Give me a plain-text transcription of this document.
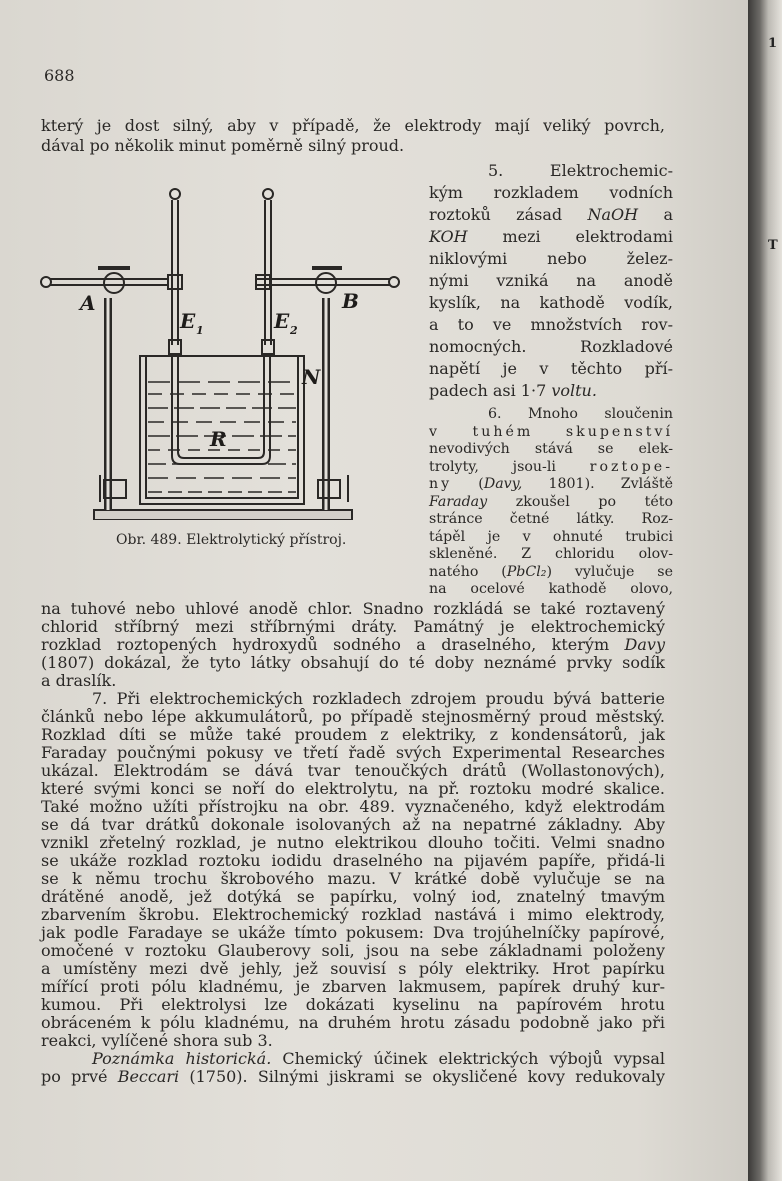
1
T
688
který je dost silný, aby v případě, že elektrody mají veliký povrch,
dával po několik minut poměrně silný proud.
5. Elektrochemic-
kým rozkladem vodních
roztoků zásad NaOH a
KOH mezi elektrodami
niklovými nebo želez-
nými vzniká na anodě
kyslík, na kathodě vodík,
a to ve množstvích rov-
nomocných. Rozkladové
napětí je v těchto pří-
padech asi 1·7 voltu.
6. Mnoho sloučenin
v tuhém skupenství
nevodivých stává se elek-
trolyty, jsou-li roztope-
ny (Davy, 1801). Zvláště
Faraday zkoušel po této
stránce četné látky. Roz-
tápěl je v ohnuté trubici
skleněné. Z chloridu olov-
natého (PbCl₂) vylučuje se
na ocelové kathodě olovo,
A	B
E 1	E 2
N
R
Obr. 489. Elektrolytický přístroj.
na tuhové nebo uhlové anodě chlor. Snadno rozkládá se také roztavený
chlorid stříbrný mezi stříbrnými dráty. Památný je elektrochemický
rozklad roztopených hydroxydů sodného a draselného, kterým Davy
(1807) dokázal, že tyto látky obsahují do té doby neznámé prvky sodík
a draslík.
7. Při elektrochemických rozkladech zdrojem proudu bývá batterie
článků nebo lépe akkumulátorů, po případě stejnosměrný proud městský.
Rozklad díti se může také proudem z elektriky, z kondensátorů, jak
Faraday poučnými pokusy ve třetí řadě svých Experimental Researches
ukázal. Elektrodám se dává tvar tenoučkých drátů (Wollastonových),
které svými konci se noří do elektrolytu, na př. roztoku modré skalice.
Také možno užíti přístrojku na obr. 489. vyznačeného, když elektrodám
se dá tvar drátků dokonale isolovaných až na nepatrné základny. Aby
vznikl zřetelný rozklad, je nutno elektrikou dlouho točiti. Velmi snadno
se ukáže rozklad roztoku iodidu draselného na pijavém papíře, přidá-li
se k němu trochu škrobového mazu. V krátké době vylučuje se na
drátěné anodě, jež dotýká se papírku, volný iod, znatelný tmavým
zbarvením škrobu. Elektrochemický rozklad nastává i mimo elektrody,
jak podle Faradaye se ukáže tímto pokusem: Dva trojúhelníčky papírové,
omočené v roztoku Glauberovy soli, jsou na sebe základnami položeny
a umístěny mezi dvě jehly, jež souvisí s póly elektriky. Hrot papírku
mířící proti pólu kladnému, je zbarven lakmusem, papírek druhý kur-
kumou. Při elektrolysi lze dokázati kyselinu na papírovém hrotu
obráceném k pólu kladnému, na druhém hrotu zásadu podobně jako při
reakci, vylíčené shora sub 3.
Poznámka historická. Chemický účinek elektrických výbojů vypsal
po prvé Beccari (1750). Silnými jiskrami se okysličené kovy redukovaly
